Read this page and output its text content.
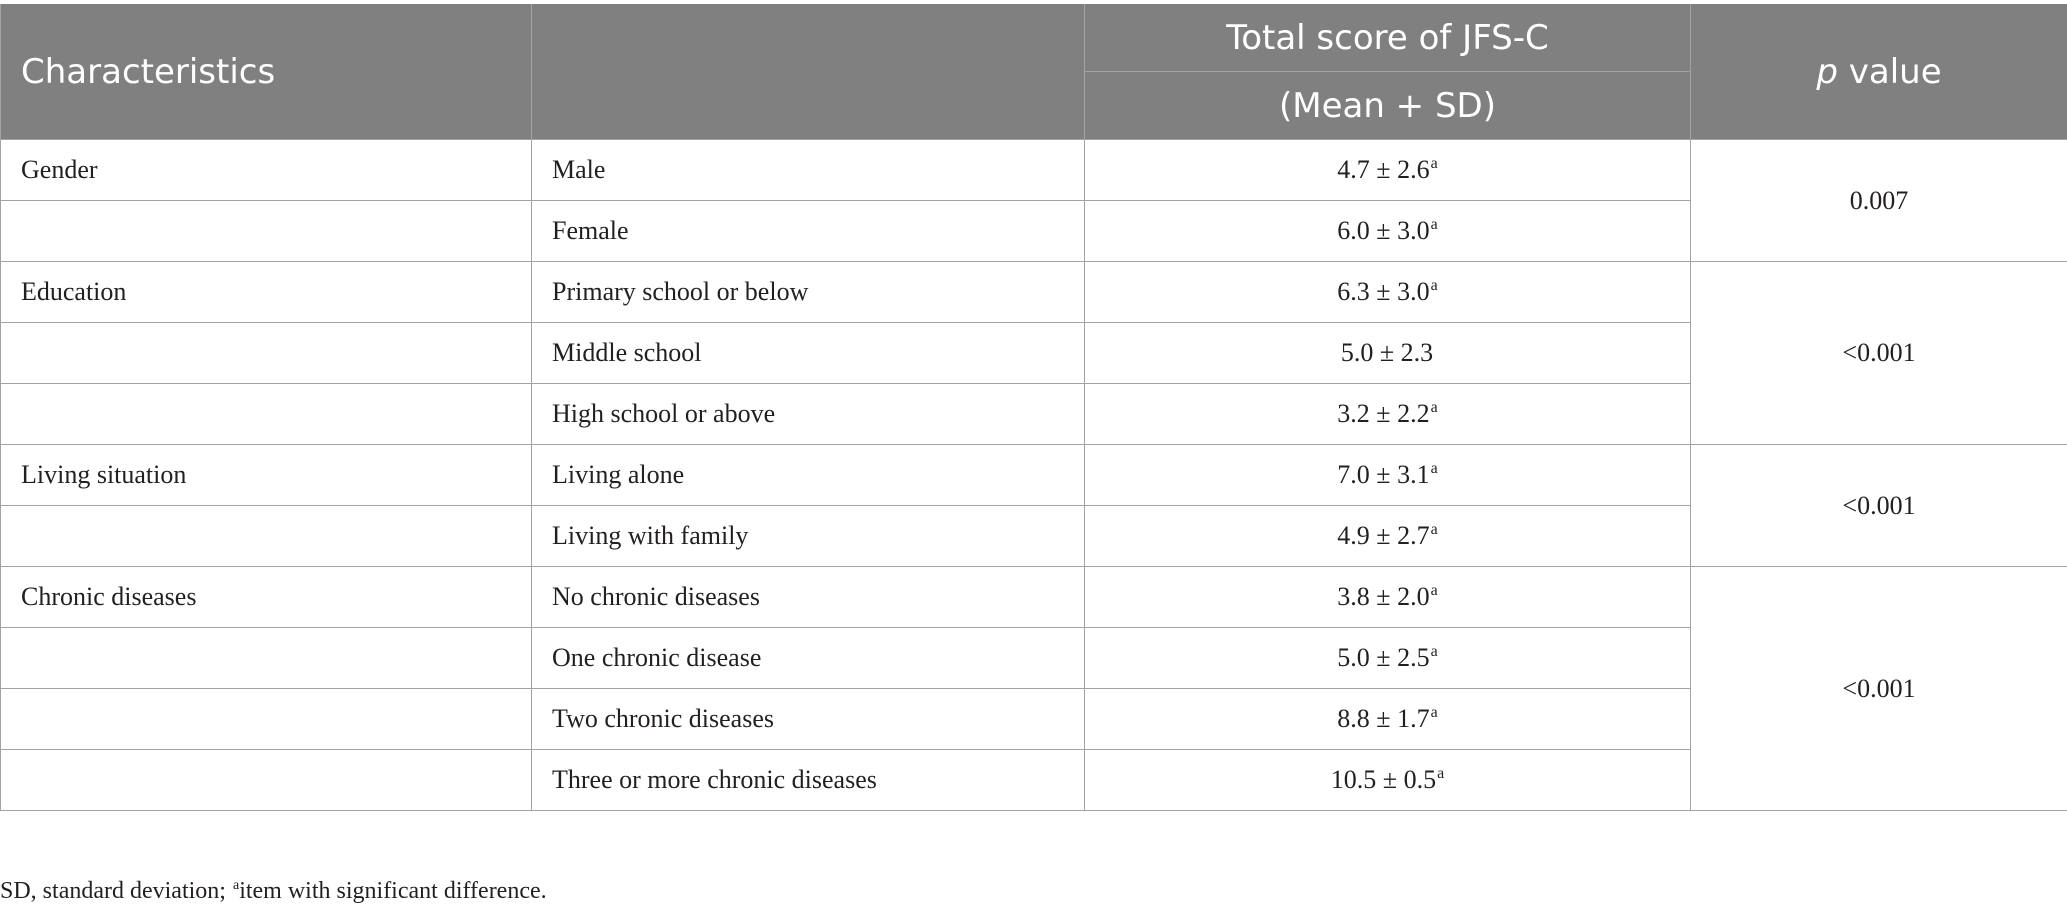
Characteristics		Total score of JFS-C	p value
		(Mean + SD)	
Gender	Male	4.7 ± 2.6$^a$	0.007
	Female	6.0 ± 3.0$^a$
Education	Primary school or below	6.3 ± 3.0$^a$	<0.001
	Middle school	5.0 ± 2.3	
	High school or above	3.2 ± 2.2$^a$
Living situation	Living alone	7.0 ± 3.1$^a$	<0.001
	Living with family	4.9 ± 2.7$^a$
Chronic diseases	No chronic diseases	3.8 ± 2.0$^a$	<0.001
	One chronic disease	5.0 ± 2.5$^a$
	Two chronic diseases	8.8 ± 1.7$^a$
	Three or more chronic diseases	10.5 ± 0.5$^a$
SD, standard deviation; $^a$item with significant difference.
